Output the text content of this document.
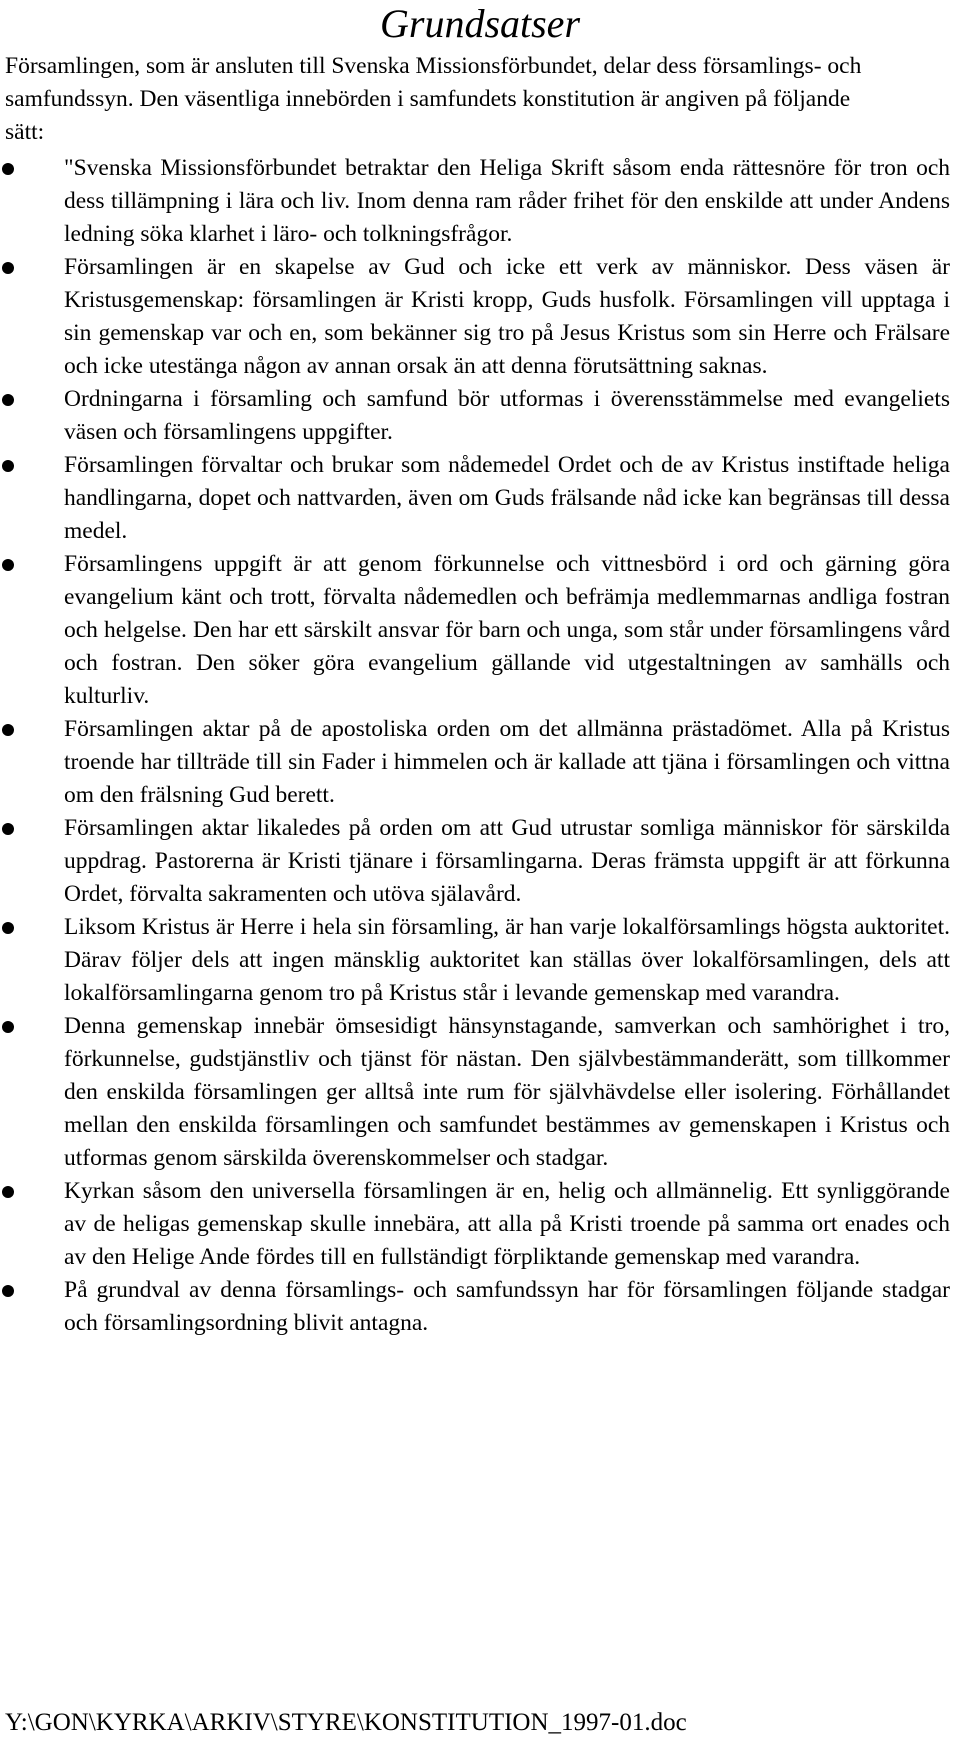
Grundsatser

Församlingen, som är ansluten till Svenska Missionsförbundet, delar dess församlings- och samfundssyn. Den väsentliga innebörden i samfundets konstitution är angiven på följande sätt:

"Svenska Missionsförbundet betraktar den Heliga Skrift såsom enda rättesnöre för tron och dess tillämpning i lära och liv. Inom denna ram råder frihet för den enskilde att under Andens ledning söka klarhet i läro- och tolkningsfrågor.
Församlingen är en skapelse av Gud och icke ett verk av människor. Dess väsen är Kristusgemenskap: församlingen är Kristi kropp, Guds husfolk. Församlingen vill upptaga i sin gemenskap var och en, som bekänner sig tro på Jesus Kristus som sin Herre och Frälsare och icke utestänga någon av annan orsak än att denna förutsättning saknas.
Ordningarna i församling och samfund bör utformas i överensstämmelse med evangeliets väsen och församlingens uppgifter.
Församlingen förvaltar och brukar som nådemedel Ordet och de av Kristus instiftade heliga handlingarna, dopet och nattvarden, även om Guds frälsande nåd icke kan begränsas till dessa medel.
Församlingens uppgift är att genom förkunnelse och vittnesbörd i ord och gärning göra evangelium känt och trott, förvalta nådemedlen och befrämja medlemmarnas andliga fostran och helgelse. Den har ett särskilt ansvar för barn och unga, som står under församlingens vård och fostran. Den söker göra evangelium gällande vid utgestaltningen av samhälls och kulturliv.
Församlingen aktar på de apostoliska orden om det allmänna prästadömet. Alla på Kristus troende har tillträde till sin Fader i himmelen och är kallade att tjäna i församlingen och vittna om den frälsning Gud berett.
Församlingen aktar likaledes på orden om att Gud utrustar somliga människor för särskilda uppdrag. Pastorerna är Kristi tjänare i församlingarna. Deras främsta uppgift är att förkunna Ordet, förvalta sakramenten och utöva själavård.
Liksom Kristus är Herre i hela sin församling, är han varje lokalförsamlings högsta auktoritet. Därav följer dels att ingen mänsklig auktoritet kan ställas över lokalförsamlingen, dels att lokalförsamlingarna genom tro på Kristus står i levande gemenskap med varandra.
Denna gemenskap innebär ömsesidigt hänsynstagande, samverkan och samhörighet i tro, förkunnelse, gudstjänstliv och tjänst för nästan. Den självbestämmanderätt, som tillkommer den enskilda församlingen ger alltså inte rum för självhävdelse eller isolering. Förhållandet mellan den enskilda församlingen och samfundet bestämmes av gemenskapen i Kristus och utformas genom särskilda överenskommelser och stadgar.
Kyrkan såsom den universella församlingen är en, helig och allmännelig. Ett synliggörande av de heligas gemenskap skulle innebära, att alla på Kristi troende på samma ort enades och av den Helige Ande fördes till en fullständigt förpliktande gemenskap med varandra.
På grundval av denna församlings- och samfundssyn har för församlingen följande stadgar och församlingsordning blivit antagna.

Y:\GON\KYRKA\ARKIV\STYRE\KONSTITUTION_1997-01.doc
